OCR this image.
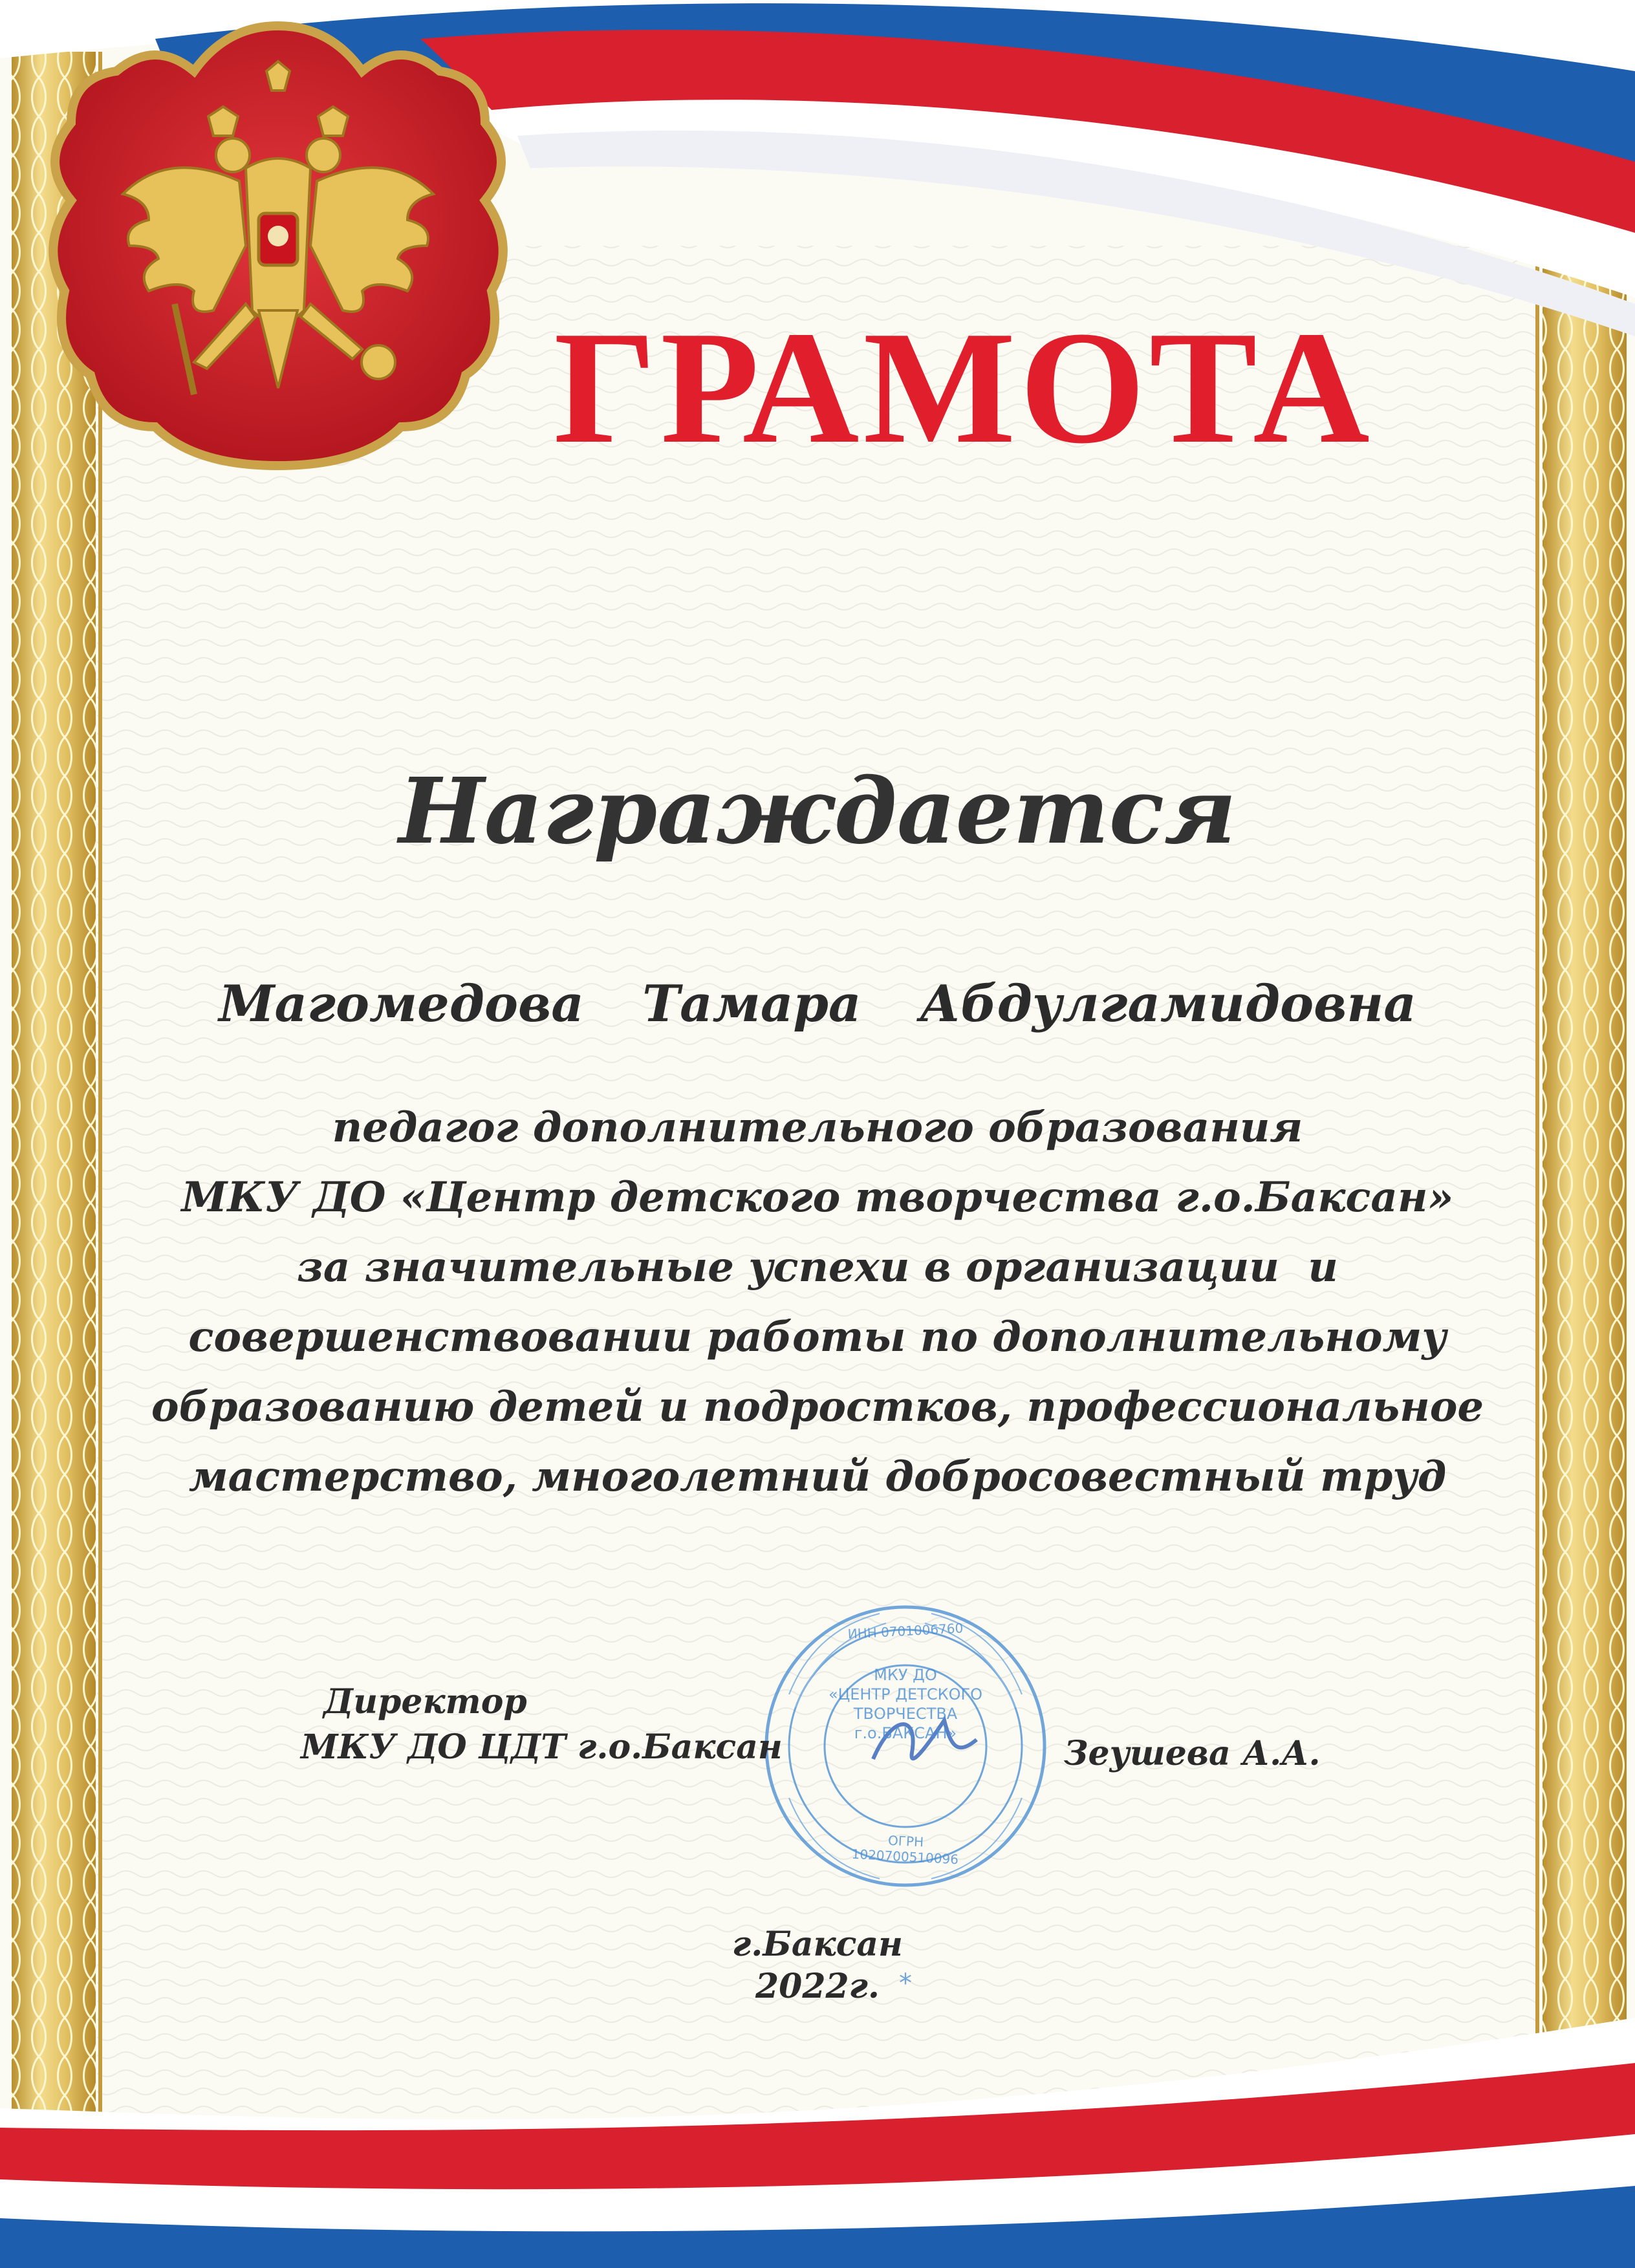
*
ИНН 0701006760
МКУ ДО
«ЦЕНТР ДЕТСКОГО
ТВОРЧЕСТВА
г.о.БАКСАН»
ОГРН 1020700510096

ГРАМОТА

Награждается

Магомедова  Тамара  Абдулгамидовна

педагог дополнительного образования
МКУ ДО «Центр детского творчества г.о.Баксан»
за значительные успехи в организации  и
совершенствовании работы по дополнительному
образованию детей и подростков, профессиональное
мастерство, многолетний добросовестный труд

Директор

МКУ ДО ЦДТ г.о.Баксан	Зеушева А.А.

г.Баксан

2022г.
